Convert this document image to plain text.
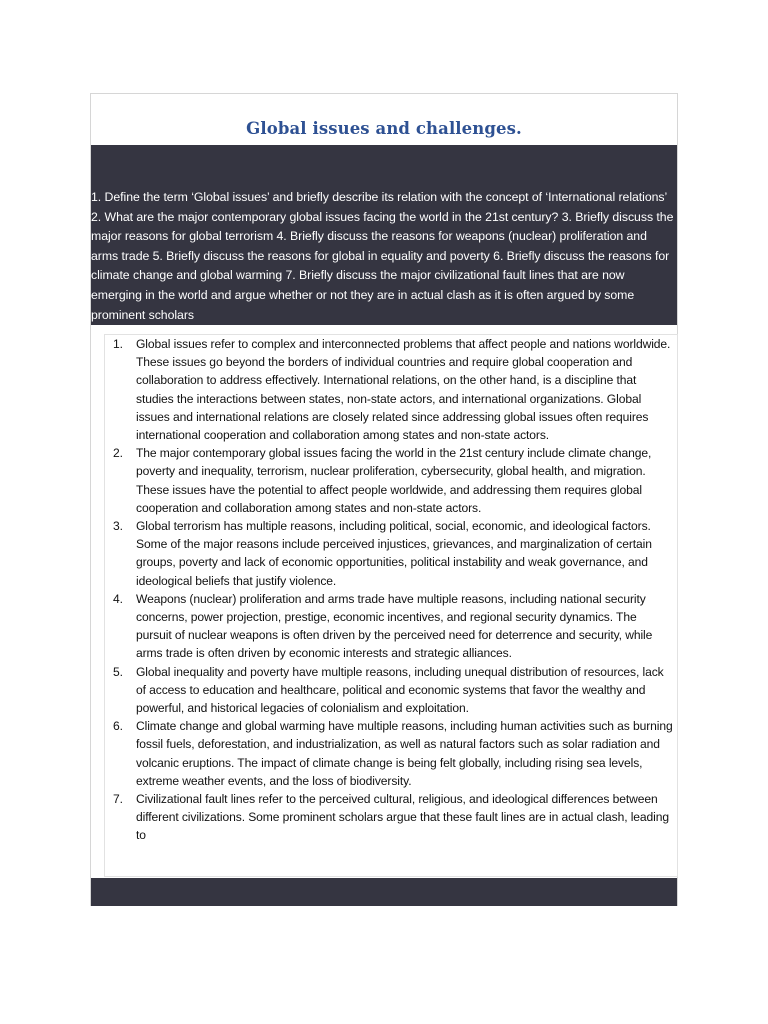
Global issues and challenges.

1. Define the term ‘Global issues’ and briefly describe its relation with the concept of ‘International relations’ 2. What are the major contemporary global issues facing the world in the 21st century? 3. Briefly discuss the major reasons for global terrorism 4. Briefly discuss the reasons for weapons (nuclear) proliferation and arms trade 5. Briefly discuss the reasons for global in equality and poverty 6. Briefly discuss the reasons for climate change and global warming 7. Briefly discuss the major civilizational fault lines that are now emerging in the world and argue whether or not they are in actual clash as it is often argued by some prominent scholars

1. Global issues refer to complex and interconnected problems that affect people and nations worldwide. These issues go beyond the borders of individual countries and require global cooperation and collaboration to address effectively. International relations, on the other hand, is a discipline that studies the interactions between states, non-state actors, and international organizations. Global issues and international relations are closely related since addressing global issues often requires international cooperation and collaboration among states and non-state actors.
2. The major contemporary global issues facing the world in the 21st century include climate change, poverty and inequality, terrorism, nuclear proliferation, cybersecurity, global health, and migration. These issues have the potential to affect people worldwide, and addressing them requires global cooperation and collaboration among states and non-state actors.
3. Global terrorism has multiple reasons, including political, social, economic, and ideological factors. Some of the major reasons include perceived injustices, grievances, and marginalization of certain groups, poverty and lack of economic opportunities, political instability and weak governance, and ideological beliefs that justify violence.
4. Weapons (nuclear) proliferation and arms trade have multiple reasons, including national security concerns, power projection, prestige, economic incentives, and regional security dynamics. The pursuit of nuclear weapons is often driven by the perceived need for deterrence and security, while arms trade is often driven by economic interests and strategic alliances.
5. Global inequality and poverty have multiple reasons, including unequal distribution of resources, lack of access to education and healthcare, political and economic systems that favor the wealthy and powerful, and historical legacies of colonialism and exploitation.
6. Climate change and global warming have multiple reasons, including human activities such as burning fossil fuels, deforestation, and industrialization, as well as natural factors such as solar radiation and volcanic eruptions. The impact of climate change is being felt globally, including rising sea levels, extreme weather events, and the loss of biodiversity.
7. Civilizational fault lines refer to the perceived cultural, religious, and ideological differences between different civilizations. Some prominent scholars argue that these fault lines are in actual clash, leading to
